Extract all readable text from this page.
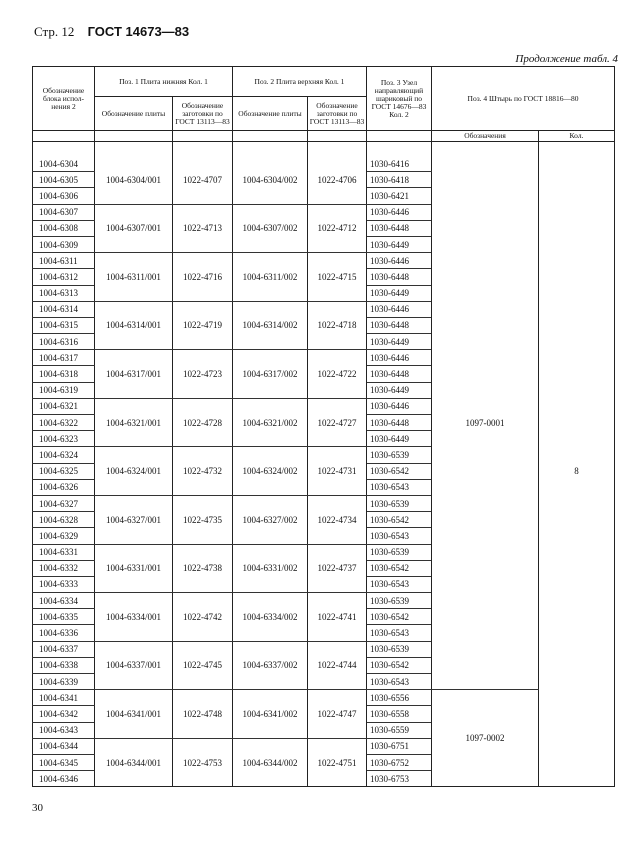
Стр. 12 ГОСТ 14673—83
Продолжение табл. 4
Обозначение блока испол-нения 2	Поз. 1 Плита нижняя Кол. 1		Поз. 2 Плита верхняя Кол. 1		Поз. 3 Узел направляющий шариковый по ГОСТ 14676—83 Кол. 2	Поз. 4 Штырь по ГОСТ 18816—80	
	Обозначение плиты	Обозначение заготовки по ГОСТ 13113—83	Обозначение плиты	Обозначение заготовки по ГОСТ 13113—83			
						Обозначения	Кол.

1004-6304	1004-6304/001	1022-4707	1004-6304/002	1022-4706	1030-6416	1097-0001	8
1004-6305					1030-6418		
1004-6306					1030-6421		
1004-6307	1004-6307/001	1022-4713	1004-6307/002	1022-4712	1030-6446		
1004-6308					1030-6448		
1004-6309					1030-6449		
1004-6311	1004-6311/001	1022-4716	1004-6311/002	1022-4715	1030-6446		
1004-6312					1030-6448		
1004-6313					1030-6449		
1004-6314	1004-6314/001	1022-4719	1004-6314/002	1022-4718	1030-6446		
1004-6315					1030-6448		
1004-6316					1030-6449		
1004-6317	1004-6317/001	1022-4723	1004-6317/002	1022-4722	1030-6446		
1004-6318					1030-6448		
1004-6319					1030-6449		
1004-6321	1004-6321/001	1022-4728	1004-6321/002	1022-4727	1030-6446		
1004-6322					1030-6448		
1004-6323					1030-6449		
1004-6324	1004-6324/001	1022-4732	1004-6324/002	1022-4731	1030-6539		
1004-6325					1030-6542		
1004-6326					1030-6543		
1004-6327	1004-6327/001	1022-4735	1004-6327/002	1022-4734	1030-6539		
1004-6328					1030-6542		
1004-6329					1030-6543		
1004-6331	1004-6331/001	1022-4738	1004-6331/002	1022-4737	1030-6539		
1004-6332					1030-6542		
1004-6333					1030-6543		
1004-6334	1004-6334/001	1022-4742	1004-6334/002	1022-4741	1030-6539		
1004-6335					1030-6542		
1004-6336					1030-6543		
1004-6337	1004-6337/001	1022-4745	1004-6337/002	1022-4744	1030-6539		
1004-6338					1030-6542		
1004-6339					1030-6543		
1004-6341	1004-6341/001	1022-4748	1004-6341/002	1022-4747	1030-6556	1097-0002	
1004-6342					1030-6558		
1004-6343					1030-6559		
1004-6344	1004-6344/001	1022-4753	1004-6344/002	1022-4751	1030-6751		
1004-6345					1030-6752		
1004-6346					1030-6753		
30
